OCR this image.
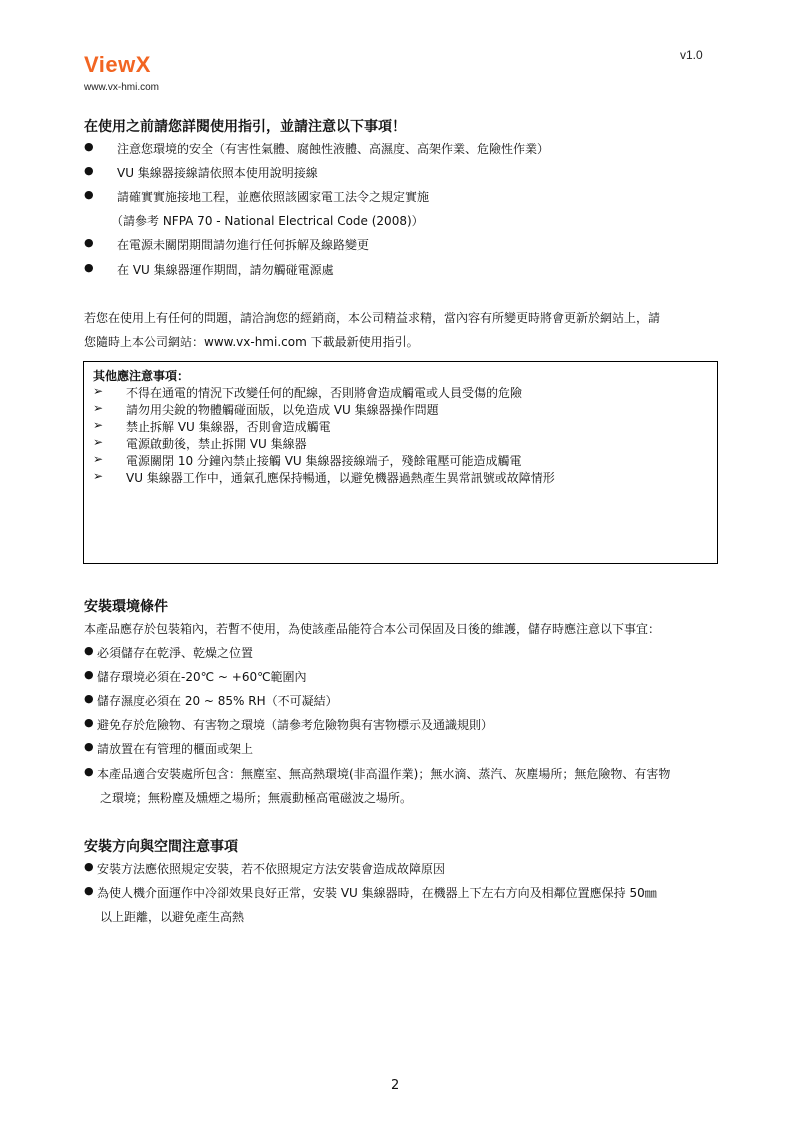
ViewX
www.vx-hmi.com
v1.0
在使用之前請您詳閱使用指引，並請注意以下事項！
● 注意您環境的安全（有害性氣體、腐蝕性液體、高濕度、高架作業、危險性作業）
● VU 集線器接線請依照本使用說明接線
● 請確實實施接地工程，並應依照該國家電工法令之規定實施
（請參考 NFPA 70 - National Electrical Code (2008)）
● 在電源未關閉期間請勿進行任何拆解及線路變更
● 在 VU 集線器運作期間，請勿觸碰電源處
若您在使用上有任何的問題，請洽詢您的經銷商，本公司精益求精，當內容有所變更時將會更新於網站上，請
您隨時上本公司網站：www.vx-hmi.com 下載最新使用指引。
其他應注意事項：
➢ 不得在通電的情況下改變任何的配線，否則將會造成觸電或人員受傷的危險
➢ 請勿用尖銳的物體觸碰面版，以免造成 VU 集線器操作問題
➢ 禁止拆解 VU 集線器，否則會造成觸電
➢ 電源啟動後，禁止拆開 VU 集線器
➢ 電源關閉 10 分鐘內禁止接觸 VU 集線器接線端子，殘餘電壓可能造成觸電
➢ VU 集線器工作中，通氣孔應保持暢通，以避免機器過熱產生異常訊號或故障情形
安裝環境條件
本產品應存於包裝箱內，若暫不使用，為使該產品能符合本公司保固及日後的維護，儲存時應注意以下事宜：
● 必須儲存在乾淨、乾燥之位置
● 儲存環境必須在-20℃ ~ +60℃範圍內
● 儲存濕度必須在 20 ~ 85% RH（不可凝結）
● 避免存於危險物、有害物之環境（請參考危險物與有害物標示及通識規則）
● 請放置在有管理的櫃面或架上
● 本產品適合安裝處所包含：無塵室、無高熱環境(非高溫作業)；無水滴、蒸汽、灰塵場所；無危險物、有害物
之環境；無粉塵及燻煙之場所；無震動極高電磁波之場所。
安裝方向與空間注意事項
● 安裝方法應依照規定安裝，若不依照規定方法安裝會造成故障原因
● 為使人機介面運作中冷卻效果良好正常，安裝 VU 集線器時，在機器上下左右方向及相鄰位置應保持 50㎜
以上距離，以避免產生高熱
2
